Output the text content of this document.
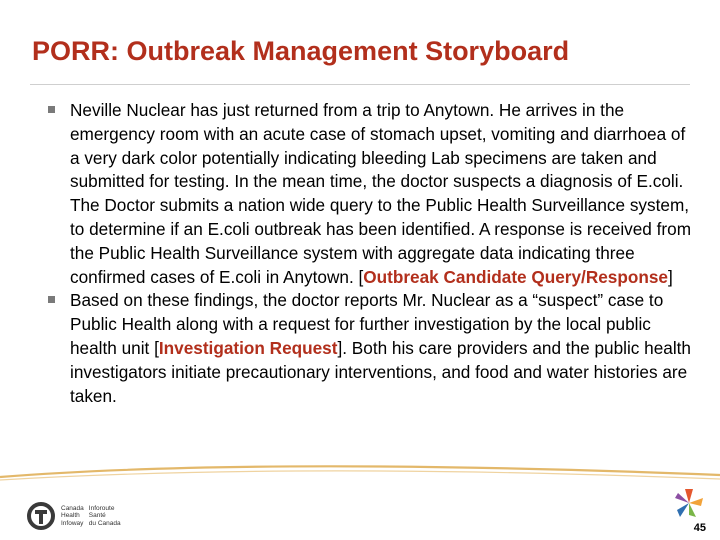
PORR: Outbreak Management Storyboard
Neville Nuclear has just returned from a trip to Anytown. He arrives in the emergency room with an acute case of stomach upset, vomiting and diarrhoea of a very dark color potentially indicating bleeding Lab specimens are taken and submitted for testing. In the mean time, the doctor suspects a diagnosis of E.coli. The Doctor submits a nation wide query to the Public Health Surveillance system, to determine if an E.coli outbreak has been identified. A response is received from the Public Health Surveillance system with aggregate data indicating three confirmed cases of E.coli in Anytown. [Outbreak Candidate Query/Response]
Based on these findings, the doctor reports Mr. Nuclear as a “suspect” case to Public Health along with a request for further investigation by the local public health unit [Investigation Request]. Both his care providers and the public health investigators initiate precautionary interventions, and food and water histories are taken.
Canada Inforoute
Health	Santé
Infoway du Canada	45
